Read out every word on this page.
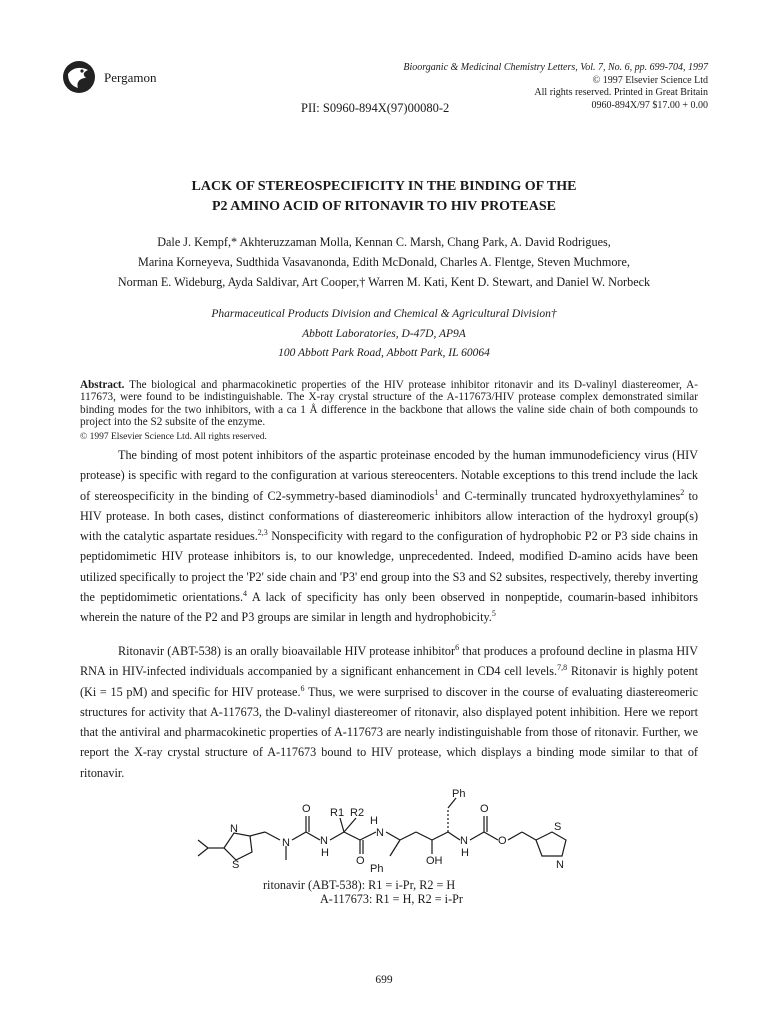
Pergamon
Bioorganic & Medicinal Chemistry Letters, Vol. 7, No. 6, pp. 699-704, 1997
© 1997 Elsevier Science Ltd
All rights reserved. Printed in Great Britain
0960-894X/97 $17.00 + 0.00
PII: S0960-894X(97)00080-2
LACK OF STEREOSPECIFICITY IN THE BINDING OF THE
P2 AMINO ACID OF RITONAVIR TO HIV PROTEASE
Dale J. Kempf,* Akhteruzzaman Molla, Kennan C. Marsh, Chang Park, A. David Rodrigues,
Marina Korneyeva, Sudthida Vasavanonda, Edith McDonald, Charles A. Flentge, Steven Muchmore,
Norman E. Wideburg, Ayda Saldivar, Art Cooper,† Warren M. Kati, Kent D. Stewart, and Daniel W. Norbeck
Pharmaceutical Products Division and Chemical & Agricultural Division†
Abbott Laboratories, D-47D, AP9A
100 Abbott Park Road, Abbott Park, IL 60064
Abstract. The biological and pharmacokinetic properties of the HIV protease inhibitor ritonavir and its D-valinyl diastereomer, A-117673, were found to be indistinguishable. The X-ray crystal structure of the A-117673/HIV protease complex demonstrated similar binding modes for the two inhibitors, with a ca 1 Å difference in the backbone that allows the valine side chain of both compounds to project into the S2 subsite of the enzyme.
© 1997 Elsevier Science Ltd. All rights reserved.

The binding of most potent inhibitors of the aspartic proteinase encoded by the human immunodeficiency virus (HIV protease) is specific with regard to the configuration at various stereocenters. Notable exceptions to this trend include the lack of stereospecificity in the binding of C2-symmetry-based diaminodiols$^1$ and C-terminally truncated hydroxyethylamines$^2$ to HIV protease. In both cases, distinct conformations of diastereomeric inhibitors allow interaction of the hydroxyl group(s) with the catalytic aspartate residues.$^{2,3}$ Nonspecificity with regard to the configuration of hydrophobic P2 or P3 side chains in peptidomimetic HIV protease inhibitors is, to our knowledge, unprecedented. Indeed, modified D-amino acids have been utilized specifically to project the 'P2' side chain and 'P3' end group into the S3 and S2 subsites, respectively, thereby inverting the peptidomimetic orientations.$^4$ A lack of specificity has only been observed in nonpeptide, coumarin-based inhibitors wherein the nature of the P2 and P3 groups are similar in length and hydrophobicity.$^5$

Ritonavir (ABT-538) is an orally bioavailable HIV protease inhibitor$^6$ that produces a profound decline in plasma HIV RNA in HIV-infected individuals accompanied by a significant enhancement in CD4 cell levels.$^{7,8}$ Ritonavir is highly potent (Ki = 15 pM) and specific for HIV protease.$^6$ Thus, we were surprised to discover in the course of evaluating diastereomeric structures for activity that A-117673, the D-valinyl diastereomer of ritonavir, also displayed potent inhibition. Here we report that the antiviral and pharmacokinetic properties of A-117673 are nearly indistinguishable from those of ritonavir. Further, we report the X-ray crystal structure of A-117673 bound to HIV protease, which displays a binding mode similar to that of ritonavir.

Ph
O R1 R2
H
O
N
S
N	N
H
N
O
Ph
OH
N
H
O
S
N
ritonavir (ABT-538): R1 = i-Pr, R2 = H
A-117673: R1 = H, R2 = i-Pr
699
